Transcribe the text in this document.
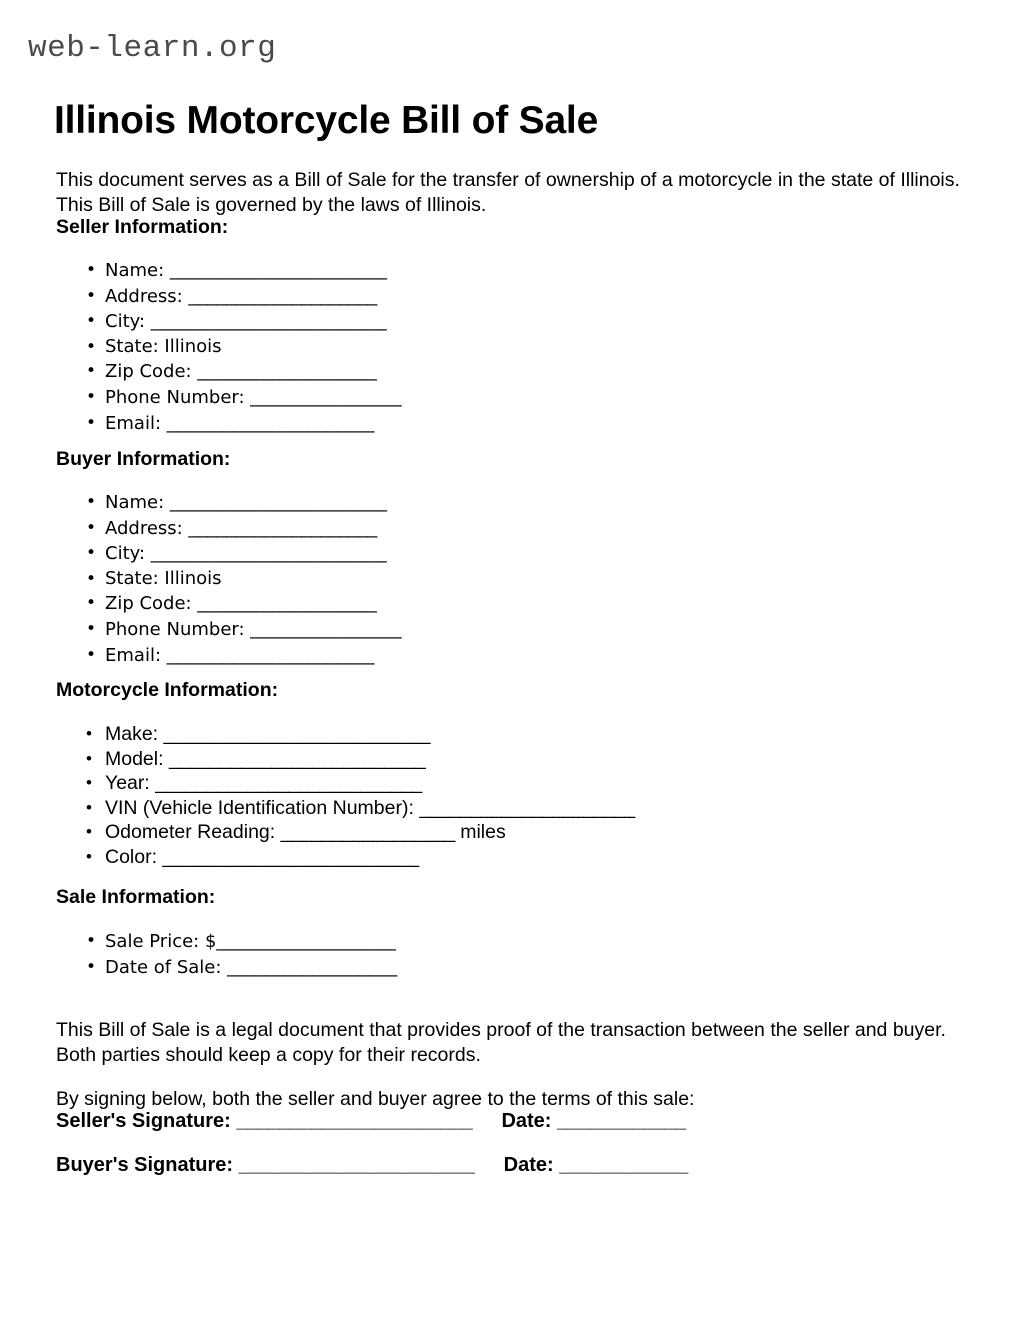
web-learn.org
Illinois Motorcycle Bill of Sale

This document serves as a Bill of Sale for the transfer of ownership of a motorcycle in the state of Illinois. This Bill of Sale is governed by the laws of Illinois.

Seller Information:
• Name: _______________________
• Address: ____________________
• City: _________________________
• State: Illinois
• Zip Code: ___________________
• Phone Number: ________________
• Email: ______________________
Buyer Information:
• Name: _______________________
• Address: ____________________
• City: _________________________
• State: Illinois
• Zip Code: ___________________
• Phone Number: ________________
• Email: ______________________
Motorcycle Information:
• Make: __________________________
• Model: _________________________
• Year: __________________________
• VIN (Vehicle Identification Number): _____________________
• Odometer Reading: _________________ miles
• Color: _________________________
Sale Information:
• Sale Price: $___________________
• Date of Sale: __________________

This Bill of Sale is a legal document that provides proof of the transaction between the seller and buyer. Both parties should keep a copy for their records.

By signing below, both the seller and buyer agree to the terms of this sale:

Seller's Signature: ______________________ Date: ____________
Buyer's Signature: ______________________ Date: ____________
